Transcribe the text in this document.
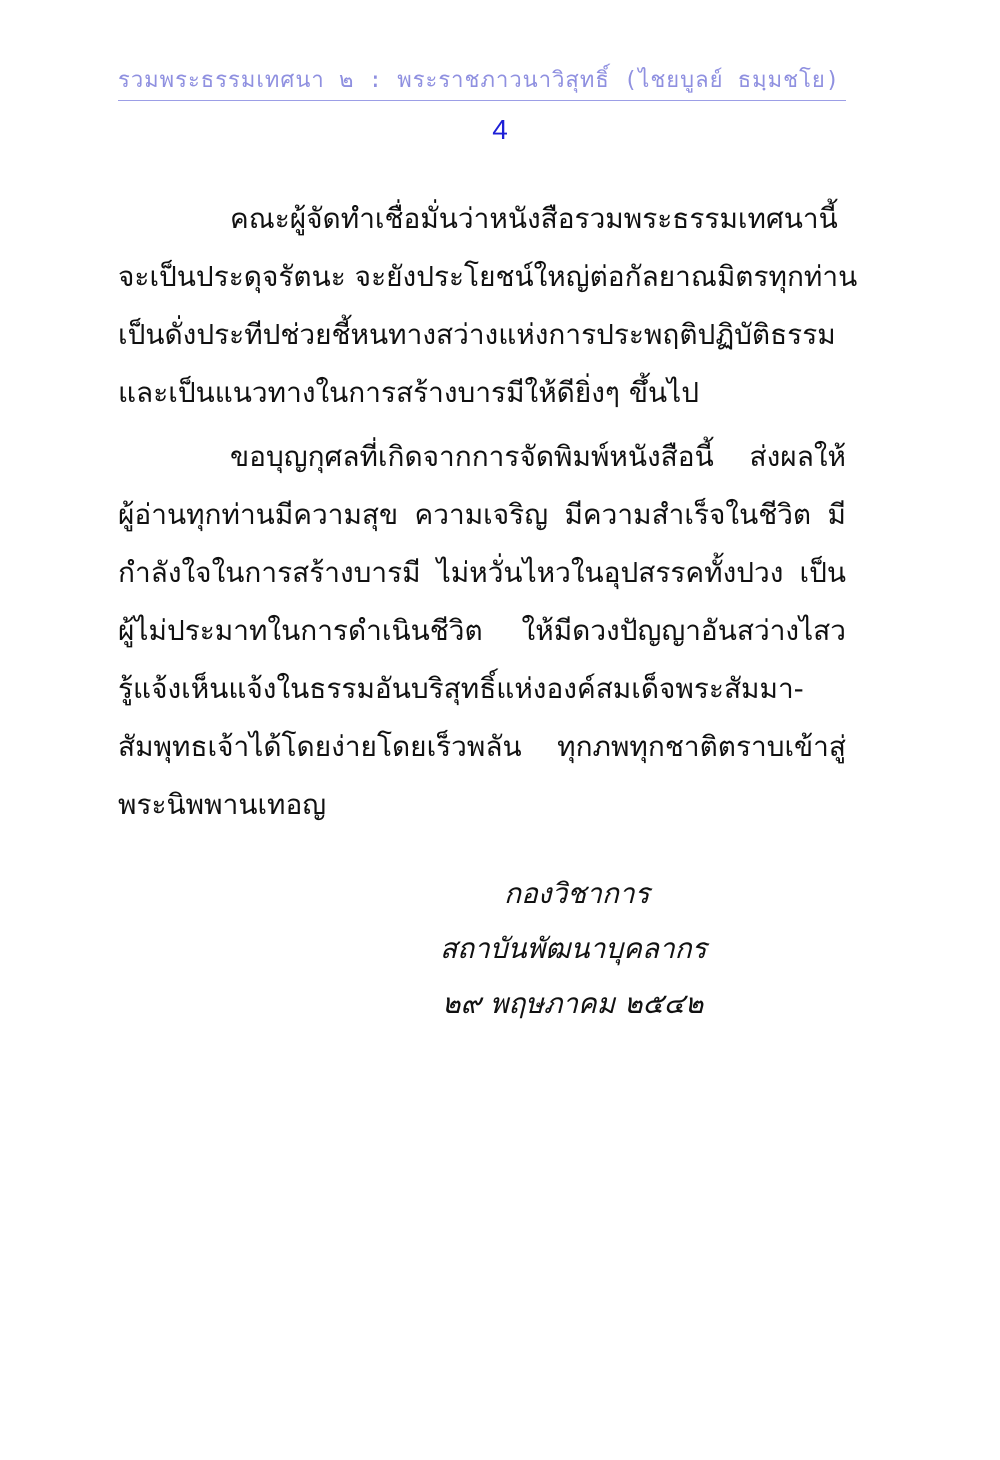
รวมพระธรรมเทศนา ๒ : พระราชภาวนาวิสุทธิ์ (ไชยบูลย์ ธมฺมชโย)
4

คณะผู้จัดทำเชื่อมั่นว่าหนังสือรวมพระธรรมเทศนานี้
จะเป็นประดุจรัตนะ จะยังประโยชน์ใหญ่ต่อกัลยาณมิตรทุกท่าน
เป็นดั่งประทีปช่วยชี้หนทางสว่างแห่งการประพฤติปฏิบัติธรรม
และเป็นแนวทางในการสร้างบารมีให้ดียิ่งๆ ขึ้นไป

ขอบุญกุศลที่เกิดจากการจัดพิมพ์หนังสือนี้ ส่งผลให้
ผู้อ่านทุกท่านมีความสุข ความเจริญ มีความสำเร็จในชีวิต มี
กำลังใจในการสร้างบารมี ไม่หวั่นไหวในอุปสรรคทั้งปวง เป็น
ผู้ไม่ประมาทในการดำเนินชีวิต ให้มีดวงปัญญาอันสว่างไสว
รู้แจ้งเห็นแจ้งในธรรมอันบริสุทธิ์แห่งองค์สมเด็จพระสัมมา-
สัมพุทธเจ้าได้โดยง่ายโดยเร็วพลัน ทุกภพทุกชาติตราบเข้าสู่
พระนิพพานเทอญ

กองวิชาการ
สถาบันพัฒนาบุคลากร
๒๙ พฤษภาคม ๒๕๔๒
